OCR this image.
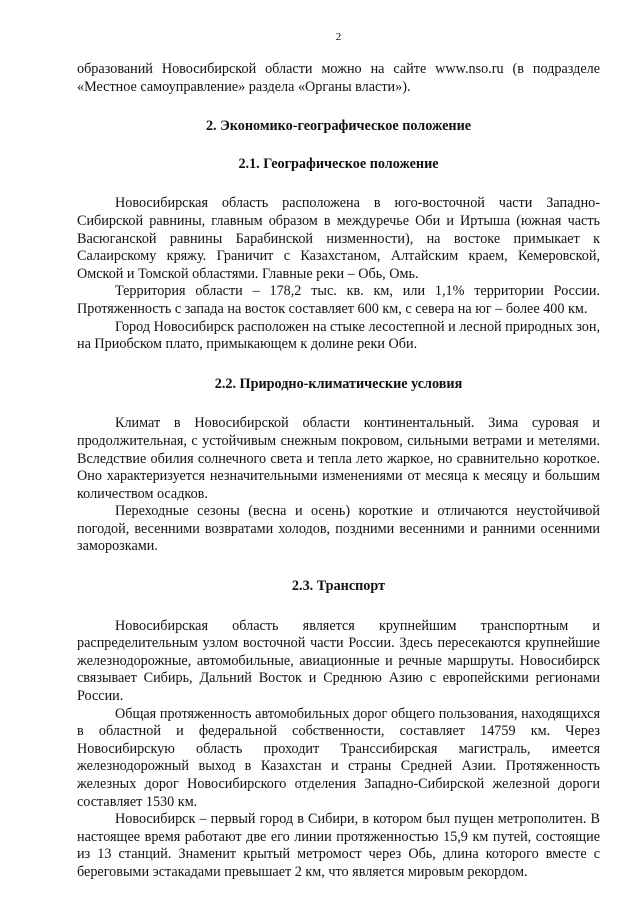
2

образований Новосибирской области можно на сайте www.nso.ru (в подразделе «Местное самоуправление» раздела «Органы власти»).

2. Экономико-географическое положение
2.1. Географическое положение

Новосибирская область расположена в юго-восточной части Западно-Сибирской равнины, главным образом в междуречье Оби и Иртыша (южная часть Васюганской равнины Барабинской низменности), на востоке примыкает к Салаирскому кряжу. Граничит с Казахстаном, Алтайским краем, Кемеровской, Омской и Томской областями. Главные реки – Обь, Омь.

Территория области – 178,2 тыс. кв. км, или 1,1% территории России. Протяженность с запада на восток составляет 600 км, с севера на юг – более 400 км.

Город Новосибирск расположен на стыке лесостепной и лесной природных зон, на Приобском плато, примыкающем к долине реки Оби.

2.2. Природно-климатические условия

Климат в Новосибирской области континентальный. Зима суровая и продолжительная, с устойчивым снежным покровом, сильными ветрами и метелями. Вследствие обилия солнечного света и тепла лето жаркое, но сравнительно короткое. Оно характеризуется незначительными изменениями от месяца к месяцу и большим количеством осадков.

Переходные сезоны (весна и осень) короткие и отличаются неустойчивой погодой, весенними возвратами холодов, поздними весенними и ранними осенними заморозками.

2.3. Транспорт

Новосибирская область является крупнейшим транспортным и распределительным узлом восточной части России. Здесь пересекаются крупнейшие железнодорожные, автомобильные, авиационные и речные маршруты. Новосибирск связывает Сибирь, Дальний Восток и Среднюю Азию с европейскими регионами России.

Общая протяженность автомобильных дорог общего пользования, находящихся в областной и федеральной собственности, составляет 14759 км. Через Новосибирскую область проходит Транссибирская магистраль, имеется железнодорожный выход в Казахстан и страны Средней Азии. Протяженность железных дорог Новосибирского отделения Западно-Сибирской железной дороги составляет 1530 км.

Новосибирск – первый город в Сибири, в котором был пущен метрополитен. В настоящее время работают две его линии протяженностью 15,9 км путей, состоящие из 13 станций. Знаменит крытый метромост через Обь, длина которого вместе с береговыми эстакадами превышает 2 км, что является мировым рекордом.
